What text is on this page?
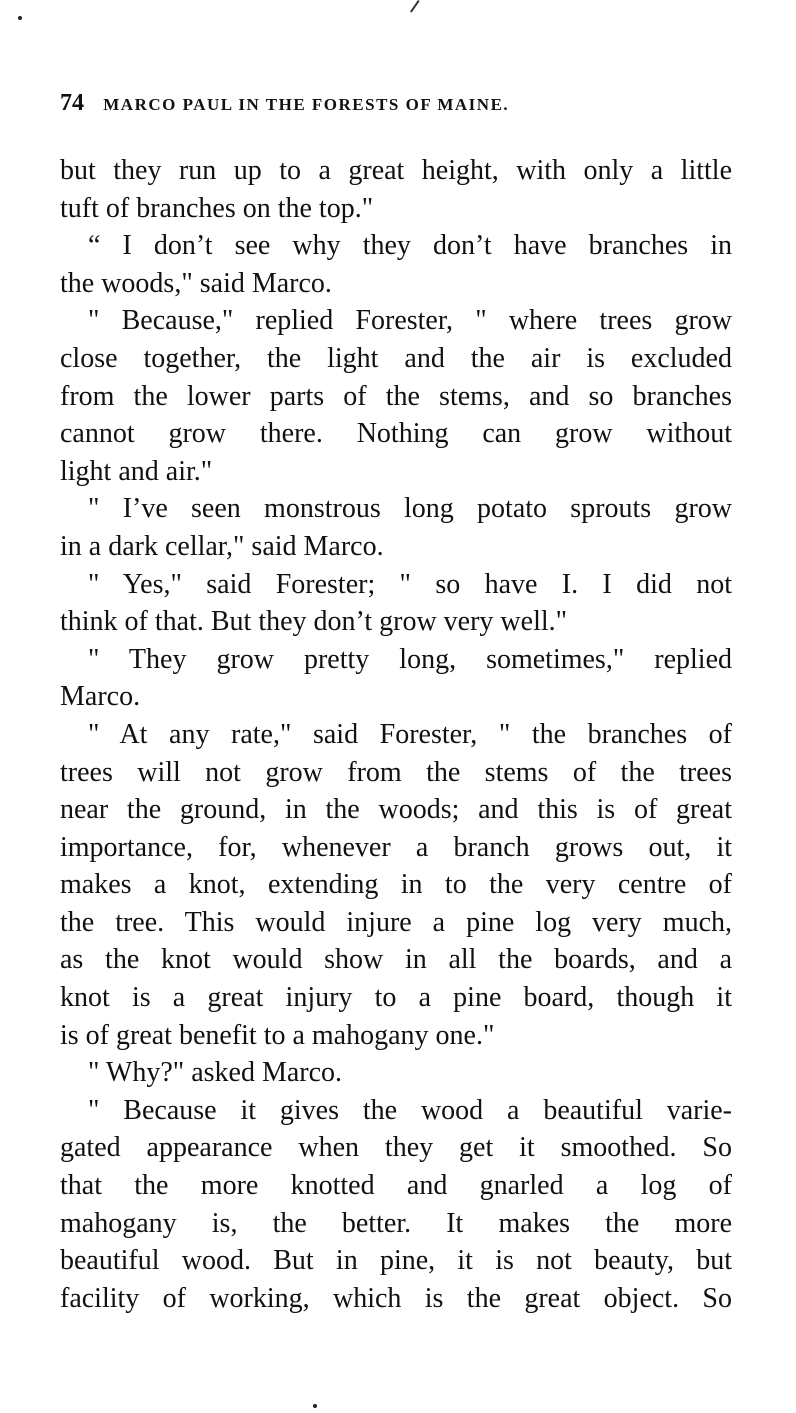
74 MARCO PAUL IN THE FORESTS OF MAINE.
but they run up to a great height, with only a little
tuft of branches on the top."
“ I don’t see why they don’t have branches in
the woods," said Marco.
" Because," replied Forester, " where trees grow
close together, the light and the air is excluded
from the lower parts of the stems, and so branches
cannot grow there. Nothing can grow without
light and air."
" I’ve seen monstrous long potato sprouts grow
in a dark cellar," said Marco.
" Yes," said Forester; " so have I. I did not
think of that. But they don’t grow very well."
" They grow pretty long, sometimes," replied
Marco.
" At any rate," said Forester, " the branches of
trees will not grow from the stems of the trees
near the ground, in the woods; and this is of great
importance, for, whenever a branch grows out, it
makes a knot, extending in to the very centre of
the tree. This would injure a pine log very much,
as the knot would show in all the boards, and a
knot is a great injury to a pine board, though it
is of great benefit to a mahogany one."
" Why?" asked Marco.
" Because it gives the wood a beautiful varie-
gated appearance when they get it smoothed. So
that the more knotted and gnarled a log of
mahogany is, the better. It makes the more
beautiful wood. But in pine, it is not beauty, but
facility of working, which is the great object. So
